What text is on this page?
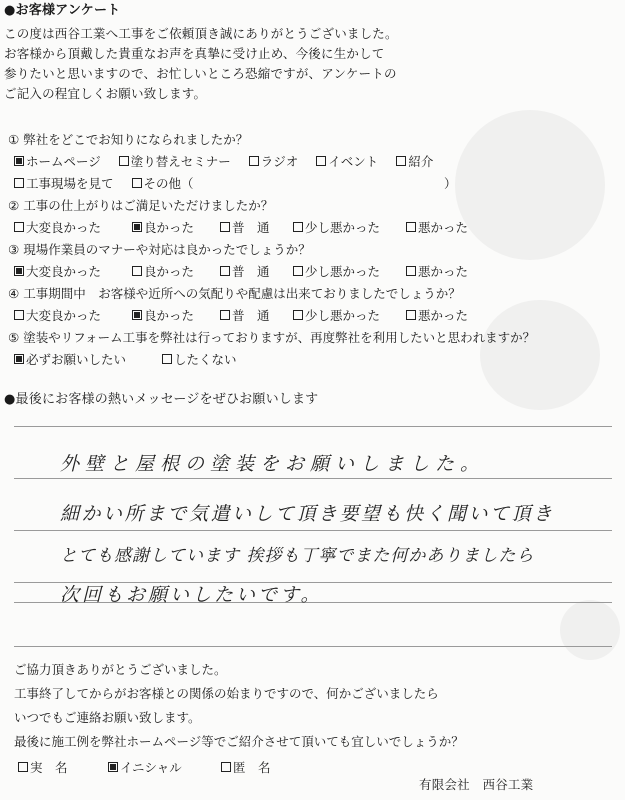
●お客様アンケート
この度は西谷工業へ工事をご依頼頂き誠にありがとうございました。
お客様から頂戴した貴重なお声を真摯に受け止め、今後に生かして
参りたいと思いますので、お忙しいところ恐縮ですが、アンケートの
ご記入の程宜しくお願い致します。
① 弊社をどこでお知りになられましたか？
ホームページ 塗り替えセミナー ラジオ イベント 紹介
工事現場を見て その他（	）
② 工事の仕上がりはご満足いただけましたか？
大変良かった	良かった	普　通	少し悪かった	悪かった
③ 現場作業員のマナーや対応は良かったでしょうか？
大変良かった	良かった	普　通	少し悪かった	悪かった
④ 工事期間中　お客様や近所への気配りや配慮は出来ておりましたでしょうか？
大変良かった	良かった	普　通	少し悪かった	悪かった
⑤ 塗装やリフォーム工事を弊社は行っておりますが、再度弊社を利用したいと思われますか？
必ずお願いしたい	したくない
●最後にお客様の熱いメッセージをぜひお願いします
外壁と屋根の塗装をお願いしました。
細かい所まで気遣いして頂き要望も快く聞いて頂き
とても感謝しています 挨拶も丁寧でまた何かありましたら
次回もお願いしたいです。
ご協力頂きありがとうございました。
工事終了してからがお客様との関係の始まりですので、何かございましたら
いつでもご連絡お願い致します。
最後に施工例を弊社ホームページ等でご紹介させて頂いても宜しいでしょうか？
実　名	イニシャル	匿　名
有限会社　西谷工業
